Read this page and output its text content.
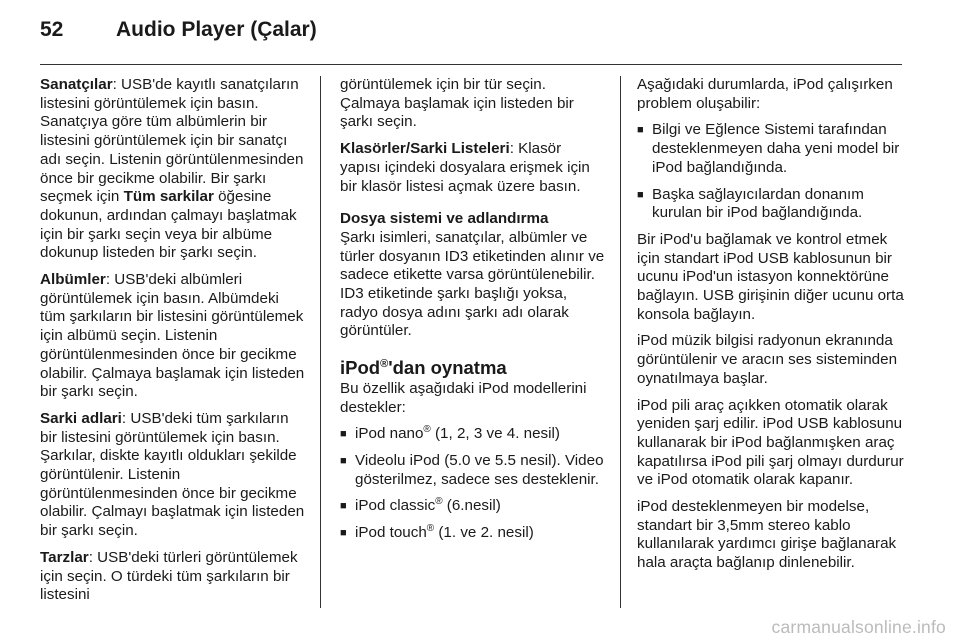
52	Audio Player (Çalar)

Sanatçılar: USB'de kayıtlı sanatçıların listesini görüntülemek için basın. Sanatçıya göre tüm albümlerin bir listesini görüntülemek için bir sanatçı adı seçin. Listenin görüntülenmesinden önce bir gecikme olabilir. Bir şarkı seçmek için Tüm sarkilar öğesine dokunun, ardından çalmayı başlatmak için bir şarkı seçin veya bir albüme dokunup listeden bir şarkı seçin.

Albümler: USB'deki albümleri görüntülemek için basın. Albümdeki tüm şarkıların bir listesini görüntülemek için albümü seçin. Listenin görüntülenmesinden önce bir gecikme olabilir. Çalmaya başlamak için listeden bir şarkı seçin.

Sarki adlari: USB'deki tüm şarkıların bir listesini görüntülemek için basın. Şarkılar, diskte kayıtlı oldukları şekilde görüntülenir. Listenin görüntülenmesinden önce bir gecikme olabilir. Çalmayı başlatmak için listeden bir şarkı seçin.

Tarzlar: USB'deki türleri görüntülemek için seçin. O türdeki tüm şarkıların bir listesini

görüntülemek için bir tür seçin. Çalmaya başlamak için listeden bir şarkı seçin.

Klasörler/Sarki Listeleri: Klasör yapısı içindeki dosyalara erişmek için bir klasör listesi açmak üzere basın.

Dosya sistemi ve adlandırma

Şarkı isimleri, sanatçılar, albümler ve türler dosyanın ID3 etiketinden alınır ve sadece etikette varsa görüntülenebilir. ID3 etiketinde şarkı başlığı yoksa, radyo dosya adını şarkı adı olarak görüntüler.

iPod®'dan oynatma

Bu özellik aşağıdaki iPod modellerini destekler:

■ iPod nano® (1, 2, 3 ve 4. nesil)
■ Videolu iPod (5.0 ve 5.5 nesil). Video gösterilmez, sadece ses desteklenir.
■ iPod classic® (6.nesil)
■ iPod touch® (1. ve 2. nesil)

Aşağıdaki durumlarda, iPod çalışırken problem oluşabilir:

■ Bilgi ve Eğlence Sistemi tarafından desteklenmeyen daha yeni model bir iPod bağlandığında.
■ Başka sağlayıcılardan donanım kurulan bir iPod bağlandığında.

Bir iPod'u bağlamak ve kontrol etmek için standart iPod USB kablosunun bir ucunu iPod'un istasyon konnektörüne bağlayın. USB girişinin diğer ucunu orta konsola bağlayın.

iPod müzik bilgisi radyonun ekranında görüntülenir ve aracın ses sisteminden oynatılmaya başlar.

iPod pili araç açıkken otomatik olarak yeniden şarj edilir. iPod USB kablosunu kullanarak bir iPod bağlanmışken araç kapatılırsa iPod pili şarj olmayı durdurur ve iPod otomatik olarak kapanır.

iPod desteklenmeyen bir modelse, standart bir 3,5mm stereo kablo kullanılarak yardımcı girişe bağlanarak hala araçta bağlanıp dinlenebilir.

carmanualsonline.info
